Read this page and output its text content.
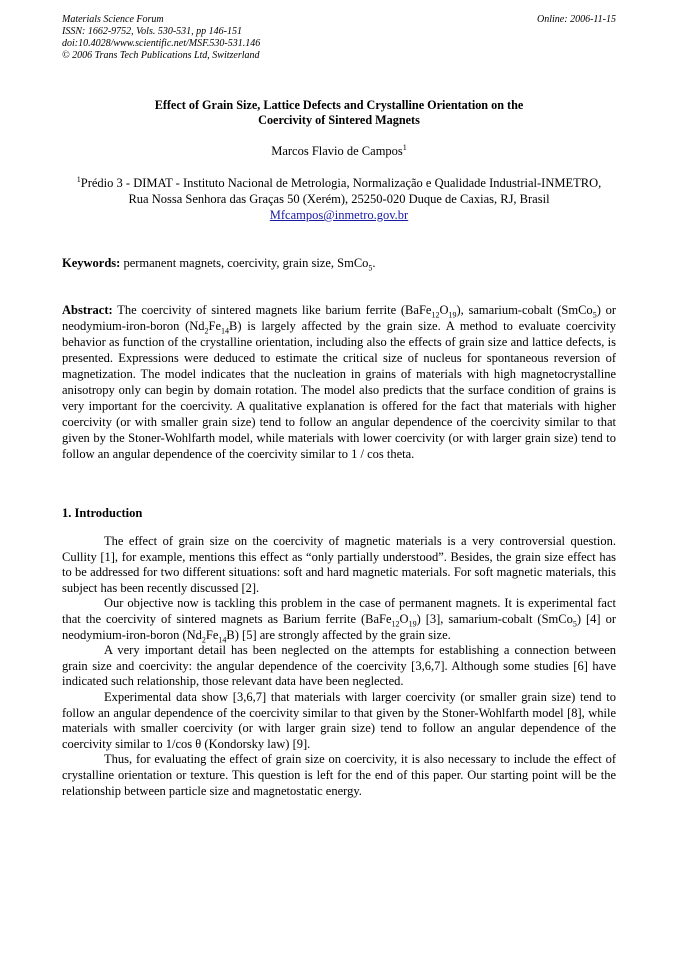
Materials Science Forum
ISSN: 1662-9752, Vols. 530-531, pp 146-151
doi:10.4028/www.scientific.net/MSF.530-531.146
© 2006 Trans Tech Publications Ltd, Switzerland
Online: 2006-11-15
Effect of Grain Size, Lattice Defects and Crystalline Orientation on the
Coercivity of Sintered Magnets
Marcos Flavio de Campos$^1$
$^1$Prédio 3 - DIMAT - Instituto Nacional de Metrologia, Normalização e Qualidade Industrial-INMETRO,
Rua Nossa Senhora das Graças 50 (Xerém), 25250-020 Duque de Caxias, RJ, Brasil
Mfcampos@inmetro.gov.br
Keywords: permanent magnets, coercivity, grain size, SmCo$_5$.
Abstract: The coercivity of sintered magnets like barium ferrite $(BaFe_{12}O_{19})$, samarium-cobalt (SmCo$_5$) or neodymium-iron-boron $(Nd_2Fe_{14}B)$ is largely affected by the grain size. A method to evaluate coercivity behavior as function of the crystalline orientation, including also the effects of grain size and lattice defects, is presented. Expressions were deduced to estimate the critical size of nucleus for spontaneous reversion of magnetization. The model indicates that the nucleation in grains of materials with high magnetocrystalline anisotropy only can begin by domain rotation. The model also predicts that the surface condition of grains is very important for the coercivity. A qualitative explanation is offered for the fact that materials with higher coercivity (or with smaller grain size) tend to follow an angular dependence of the coercivity similar to that given by the Stoner-Wohlfarth model, while materials with lower coercivity (or with larger grain size) tend to follow an angular dependence of the coercivity similar to 1 / cos theta.
1. Introduction

The effect of grain size on the coercivity of magnetic materials is a very controversial question. Cullity [1], for example, mentions this effect as “only partially understood”. Besides, the grain size effect has to be addressed for two different situations: soft and hard magnetic materials. For soft magnetic materials, this subject has been recently discussed [2].

Our objective now is tackling this problem in the case of permanent magnets. It is experimental fact that the coercivity of sintered magnets as Barium ferrite $(BaFe_{12}O_{19})$ [3], samarium-cobalt (SmCo$_5$) [4] or neodymium-iron-boron $(Nd_2Fe_{14}B)$ [5] are strongly affected by the grain size.

A very important detail has been neglected on the attempts for establishing a connection between grain size and coercivity: the angular dependence of the coercivity [3,6,7]. Although some studies [6] have indicated such relationship, those relevant data have been neglected.

Experimental data show [3,6,7] that materials with larger coercivity (or smaller grain size) tend to follow an angular dependence of the coercivity similar to that given by the Stoner-Wohlfarth model [8], while materials with smaller coercivity (or with larger grain size) tend to follow an angular dependence of the coercivity similar to 1/cos θ (Kondorsky law) [9].

Thus, for evaluating the effect of grain size on coercivity, it is also necessary to include the effect of crystalline orientation or texture. This question is left for the end of this paper. Our starting point will be the relationship between particle size and magnetostatic energy.
